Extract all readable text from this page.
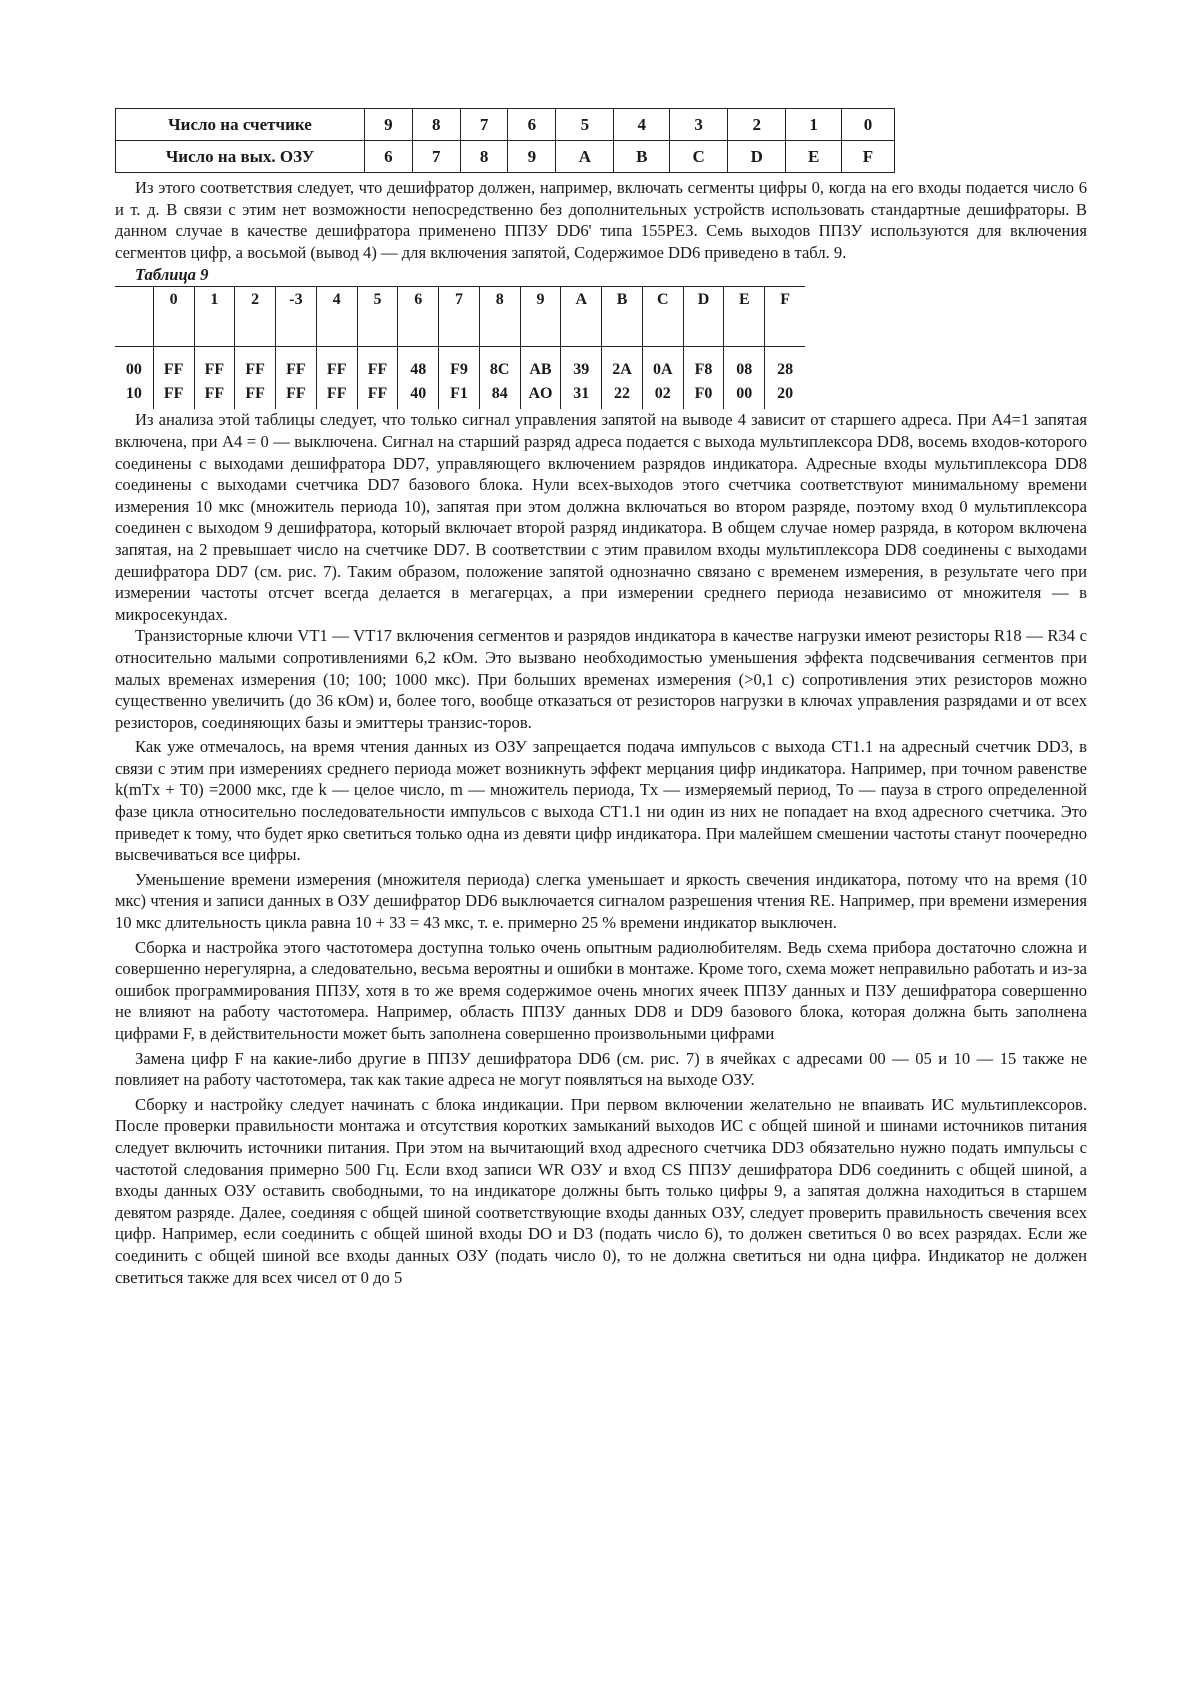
Число на счетчике	9	8	7	6	5	4	3	2	1	0
Число на вых. ОЗУ	6	7	8	9	A	B	C	D	E	F

Из этого соответствия следует, что дешифратор должен, например, включать сегменты цифры 0, когда на его входы подается число 6 и т. д. В связи с этим нет возможности непосредственно без дополнительных устройств использовать стандартные дешифраторы. В данном случае в качестве дешифратора применено ППЗУ DD6' типа 155РЕЗ. Семь выходов ППЗУ используются для включения сегментов цифр, а восьмой (вывод 4) — для включения запятой, Содержимое DD6 приведено в табл. 9.

Таблица 9
	0	1	2	-3	4	5	6	7	8	9	A	B	C	D	E	F
00	FF	FF	FF	FF	FF	FF	48	F9	8C	AB	39	2A	0A	F8	08	28
10	FF	FF	FF	FF	FF	FF	40	F1	84	AO	31	22	02	F0	00	20

Из анализа этой таблицы следует, что только сигнал управления запятой на выводе 4 зависит от старшего адреса. При А4=1 запятая включена, при А4 = 0 — выключена. Сигнал на старший разряд адреса подается с выхода мультиплексора DD8, восемь входов-которого соединены с выходами дешифратора DD7, управляющего включением разрядов индикатора. Адресные входы мультиплексора DD8 соединены с выходами счетчика DD7 базового блока. Нули всех-выходов этого счетчика соответствуют минимальному времени измерения 10 мкс (множитель периода 10), запятая при этом должна включаться во втором разряде, поэтому вход 0 мультиплексора соединен с выходом 9 дешифратора, который включает второй разряд индикатора. В общем случае номер разряда, в котором включена запятая, на 2 превышает число на счетчике DD7. В соответствии с этим правилом входы мультиплексора DD8 соединены с выходами дешифратора DD7 (см. рис. 7). Таким образом, положение запятой однозначно связано с временем измерения, в результате чего при измерении частоты отсчет всегда делается в мегагерцах, а при измерении среднего периода независимо от множителя — в микросекундах.

Транзисторные ключи VT1 — VT17 включения сегментов и разрядов индикатора в качестве нагрузки имеют резисторы R18 — R34 с относительно малыми сопротивлениями 6,2 кОм. Это вызвано необходимостью уменьшения эффекта подсвечивания сегментов при малых временах измерения (10; 100; 1000 мкс). При больших временах измерения (>0,1 с) сопротивления этих резисторов можно существенно увеличить (до 36 кОм) и, более того, вообще отказаться от резисторов нагрузки в ключах управления разрядами и от всех резисторов, соединяющих базы и эмиттеры транзис-торов.

Как уже отмечалось, на время чтения данных из ОЗУ запрещается подача импульсов с выхода СТ1.1 на адресный счетчик DD3, в связи с этим при измерениях среднего периода может возникнуть эффект мерцания цифр индикатора. Например, при точном равенстве k(mTx + T0) =2000 мкс, где k — целое число, m — множитель периода, Tx — измеряемый период, To — пауза в строго определенной фазе цикла относительно последовательности импульсов с выхода СТ1.1 ни один из них не попадает на вход адресного счетчика. Это приведет к тому, что будет ярко светиться только одна из девяти цифр индикатора. При малейшем смешении частоты станут поочередно высвечиваться все цифры.

Уменьшение времени измерения (множителя периода) слегка уменьшает и яркость свечения индикатора, потому что на время (10 мкс) чтения и записи данных в ОЗУ дешифратор DD6 выключается сигналом разрешения чтения RE. Например, при времени измерения 10 мкс длительность цикла равна 10 + 33 = 43 мкс, т. е. примерно 25 % времени индикатор выключен.

Сборка и настройка этого частотомера доступна только очень опытным радиолюбителям. Ведь схема прибора достаточно сложна и совершенно нерегулярна, а следовательно, весьма вероятны и ошибки в монтаже. Кроме того, схема может неправильно работать и из-за ошибок программирования ППЗУ, хотя в то же время содержимое очень многих ячеек ППЗУ данных и ПЗУ дешифратора совершенно не влияют на работу частотомера. Например, область ППЗУ данных DD8 и DD9 базового блока, которая должна быть заполнена цифрами F, в действительности может быть заполнена совершенно произвольными цифрами

Замена цифр F на какие-либо другие в ППЗУ дешифратора DD6 (см. рис. 7) в ячейках с адресами 00 — 05 и 10 — 15 также не повлияет на работу частотомера, так как такие адреса не могут появляться на выходе ОЗУ.

Сборку и настройку следует начинать с блока индикации. При первом включении желательно не впаивать ИС мультиплексоров. После проверки правильности монтажа и отсутствия коротких замыканий выходов ИС с общей шиной и шинами источников питания следует включить источники питания. При этом на вычитающий вход адресного счетчика DD3 обязательно нужно подать импульсы с частотой следования примерно 500 Гц. Если вход записи WR ОЗУ и вход CS ППЗУ дешифратора DD6 соединить с общей шиной, а входы данных ОЗУ оставить свободными, то на индикаторе должны быть только цифры 9, а запятая должна находиться в старшем девятом разряде. Далее, соединяя с общей шиной соответствующие входы данных ОЗУ, следует проверить правильность свечения всех цифр. Например, если соединить с общей шиной входы DO и D3 (подать число 6), то должен светиться 0 во всех разрядах. Если же соединить с общей шиной все входы данных ОЗУ (подать число 0), то не должна светиться ни одна цифра. Индикатор не должен светиться также для всех чисел от 0 до 5
